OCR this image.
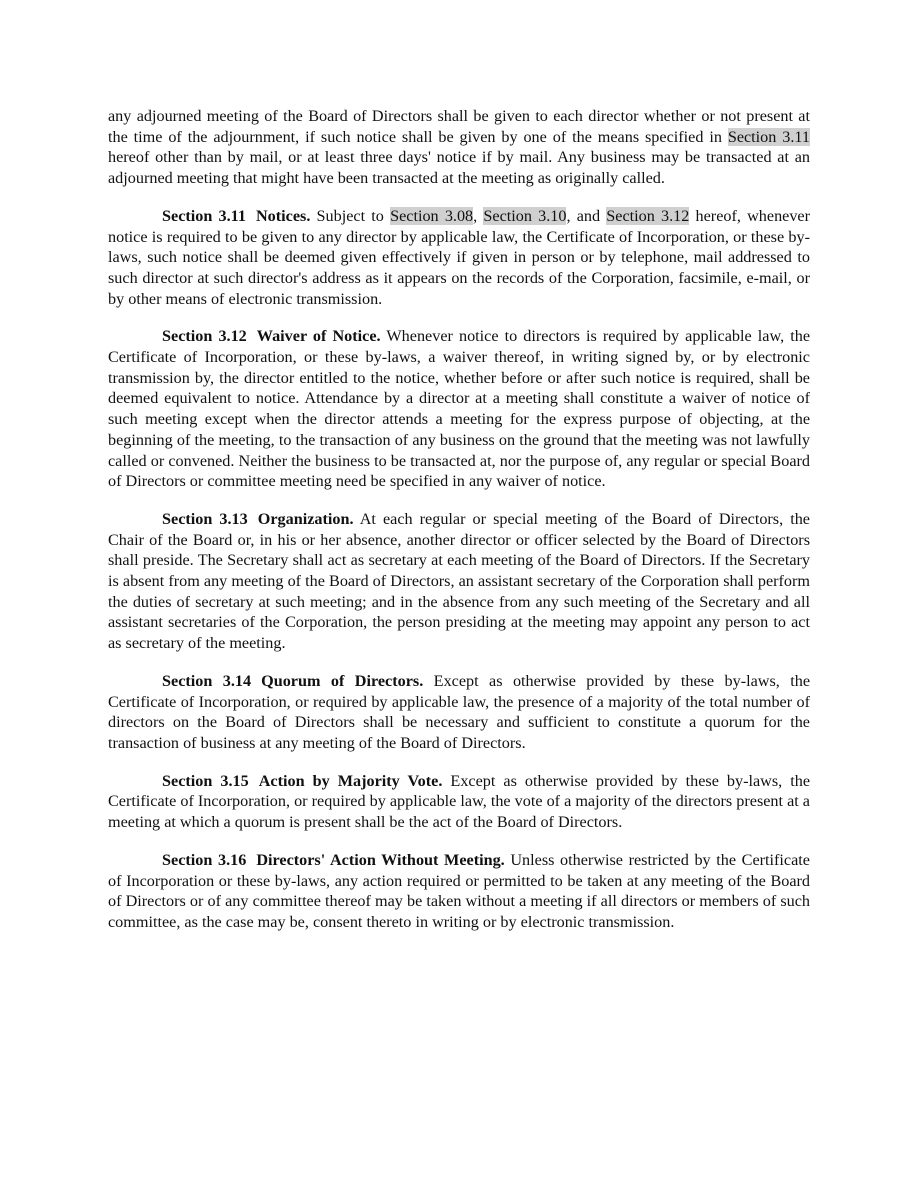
any adjourned meeting of the Board of Directors shall be given to each director whether or not present at the time of the adjournment, if such notice shall be given by one of the means specified in Section 3.11 hereof other than by mail, or at least three days' notice if by mail. Any business may be transacted at an adjourned meeting that might have been transacted at the meeting as originally called.

Section 3.11 Notices. Subject to Section 3.08, Section 3.10, and Section 3.12 hereof, whenever notice is required to be given to any director by applicable law, the Certificate of Incorporation, or these by-laws, such notice shall be deemed given effectively if given in person or by telephone, mail addressed to such director at such director's address as it appears on the records of the Corporation, facsimile, e-mail, or by other means of electronic transmission.

Section 3.12 Waiver of Notice. Whenever notice to directors is required by applicable law, the Certificate of Incorporation, or these by-laws, a waiver thereof, in writing signed by, or by electronic transmission by, the director entitled to the notice, whether before or after such notice is required, shall be deemed equivalent to notice. Attendance by a director at a meeting shall constitute a waiver of notice of such meeting except when the director attends a meeting for the express purpose of objecting, at the beginning of the meeting, to the transaction of any business on the ground that the meeting was not lawfully called or convened. Neither the business to be transacted at, nor the purpose of, any regular or special Board of Directors or committee meeting need be specified in any waiver of notice.

Section 3.13 Organization. At each regular or special meeting of the Board of Directors, the Chair of the Board or, in his or her absence, another director or officer selected by the Board of Directors shall preside. The Secretary shall act as secretary at each meeting of the Board of Directors. If the Secretary is absent from any meeting of the Board of Directors, an assistant secretary of the Corporation shall perform the duties of secretary at such meeting; and in the absence from any such meeting of the Secretary and all assistant secretaries of the Corporation, the person presiding at the meeting may appoint any person to act as secretary of the meeting.

Section 3.14 Quorum of Directors. Except as otherwise provided by these by-laws, the Certificate of Incorporation, or required by applicable law, the presence of a majority of the total number of directors on the Board of Directors shall be necessary and sufficient to constitute a quorum for the transaction of business at any meeting of the Board of Directors.

Section 3.15 Action by Majority Vote. Except as otherwise provided by these by-laws, the Certificate of Incorporation, or required by applicable law, the vote of a majority of the directors present at a meeting at which a quorum is present shall be the act of the Board of Directors.

Section 3.16 Directors' Action Without Meeting. Unless otherwise restricted by the Certificate of Incorporation or these by-laws, any action required or permitted to be taken at any meeting of the Board of Directors or of any committee thereof may be taken without a meeting if all directors or members of such committee, as the case may be, consent thereto in writing or by electronic transmission.
